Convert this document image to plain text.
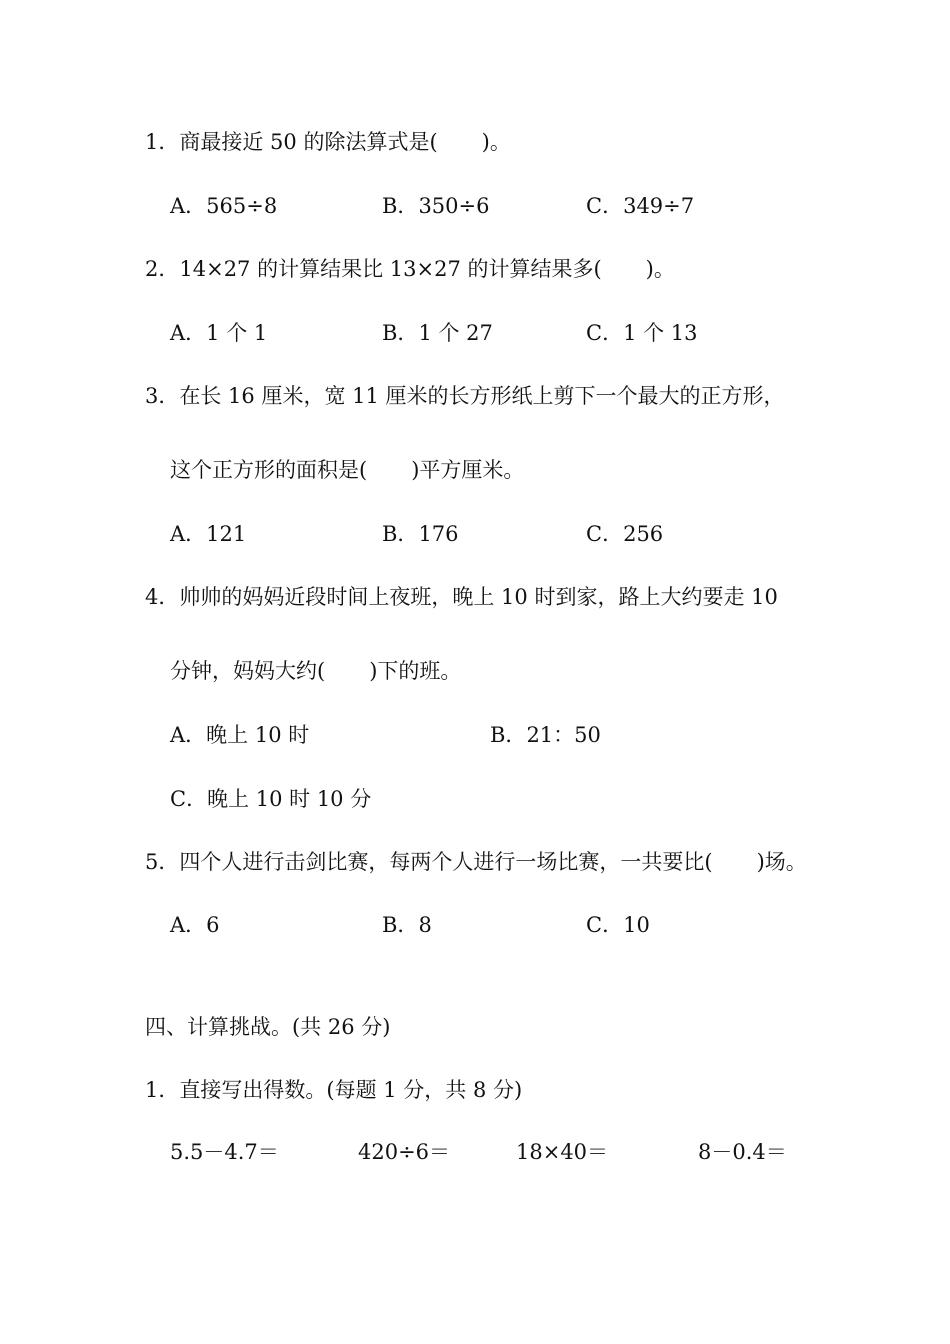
1．商最接近 50 的除法算式是( )。
A．565÷8	B．350÷6	C．349÷7
2．14×27 的计算结果比 13×27 的计算结果多( )。
A．1 个 1	B．1 个 27	C．1 个 13
3．在长 16 厘米，宽 11 厘米的长方形纸上剪下一个最大的正方形，
这个正方形的面积是( )平方厘米。
A．121	B．176	C．256
4．帅帅的妈妈近段时间上夜班，晚上 10 时到家，路上大约要走 10
分钟，妈妈大约( )下的班。
A．晚上 10 时	B．21：50
C．晚上 10 时 10 分
5．四个人进行击剑比赛，每两个人进行一场比赛，一共要比( )场。
A．6	B．8	C．10
四、计算挑战。(共 26 分)
1．直接写出得数。(每题 1 分，共 8 分)
5.5－4.7＝	420÷6＝	18×40＝	8－0.4＝
